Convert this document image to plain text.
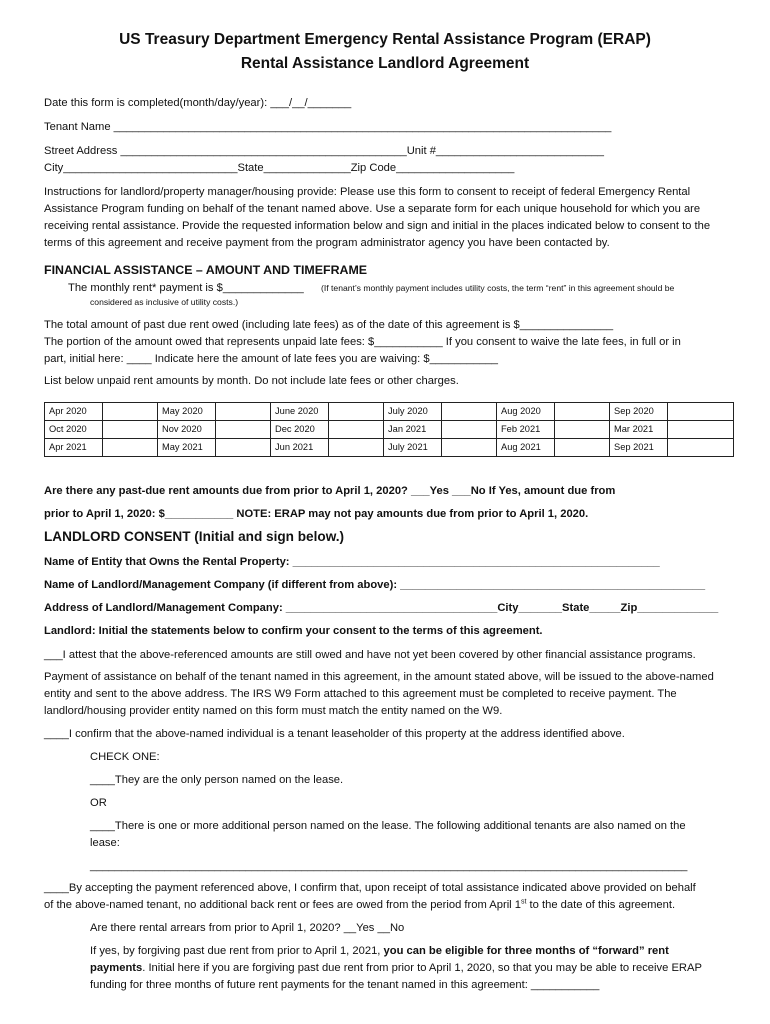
US Treasury Department Emergency Rental Assistance Program (ERAP)
Rental Assistance Landlord Agreement
Date this form is completed(month/day/year): ___/__/_______
Tenant Name ________________________________________________________________________________
Street Address ______________________________________________Unit #___________________________
City____________________________State______________Zip Code___________________
Instructions for landlord/property manager/housing provide: Please use this form to consent to receipt of federal Emergency Rental Assistance Program funding on behalf of the tenant named above. Use a separate form for each unique household for which you are receiving rental assistance. Provide the requested information below and sign and initial in the places indicated below to consent to the terms of this agreement and receive payment from the program administrator agency you have been contacted by.
FINANCIAL ASSISTANCE – AMOUNT AND TIMEFRAME
The monthly rent* payment is $_____________ (If tenant’s monthly payment includes utility costs, the term “rent” in this agreement should be
considered as inclusive of utility costs.)
The total amount of past due rent owed (including late fees) as of the date of this agreement is $_______________
The portion of the amount owed that represents unpaid late fees: $___________ If you consent to waive the late fees, in full or in
part, initial here: ____ Indicate here the amount of late fees you are waiving: $___________
List below unpaid rent amounts by month. Do not include late fees or other charges.
Apr 2020		May 2020		June 2020		July 2020		Aug 2020		Sep 2020	
Oct 2020		Nov 2020		Dec 2020		Jan 2021		Feb 2021		Mar 2021	
Apr 2021		May 2021		Jun 2021		July 2021		Aug 2021		Sep 2021	
Are there any past-due rent amounts due from prior to April 1, 2020? ___Yes ___No If Yes, amount due from
prior to April 1, 2020: $___________ NOTE: ERAP may not pay amounts due from prior to April 1, 2020.
LANDLORD CONSENT (Initial and sign below.)
Name of Entity that Owns the Rental Property: ___________________________________________________________
Name of Landlord/Management Company (if different from above): _________________________________________________
Address of Landlord/Management Company: __________________________________City_______State_____Zip_____________
Landlord: Initial the statements below to confirm your consent to the terms of this agreement.
___I attest that the above-referenced amounts are still owed and have not yet been covered by other financial assistance programs.
Payment of assistance on behalf of the tenant named in this agreement, in the amount stated above, will be issued to the above-named entity and sent to the above address. The IRS W9 Form attached to this agreement must be completed to receive payment. The landlord/housing provider entity named on this form must match the entity named on the W9.
____I confirm that the above-named individual is a tenant leaseholder of this property at the address identified above.
CHECK ONE:
____They are the only person named on the lease.
OR
____There is one or more additional person named on the lease. The following additional tenants are also named on the
lease:
________________________________________________________________________________________________
____By accepting the payment referenced above, I confirm that, upon receipt of total assistance indicated above provided on behalf
of the above-named tenant, no additional back rent or fees are owed from the period from April 1st to the date of this agreement.
Are there rental arrears from prior to April 1, 2020? __Yes __No
If yes, by forgiving past due rent from prior to April 1, 2021, you can be eligible for three months of “forward” rent
payments. Initial here if you are forgiving past due rent from prior to April 1, 2020, so that you may be able to receive ERAP
funding for three months of future rent payments for the tenant named in this agreement: ___________
